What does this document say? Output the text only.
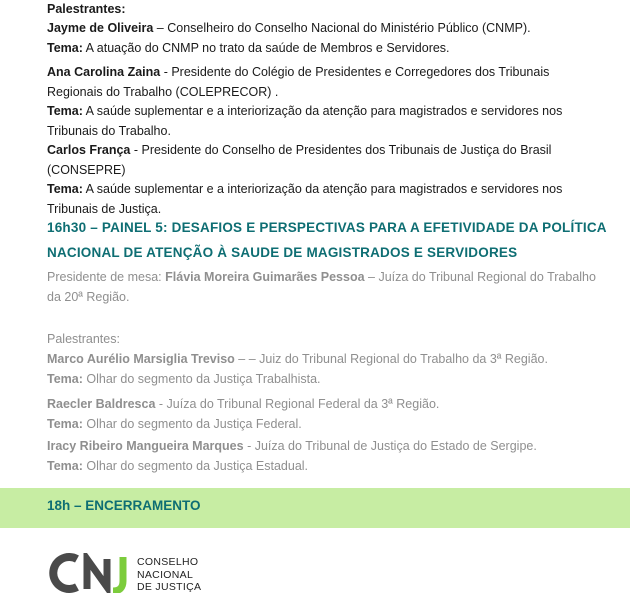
Palestrantes:
Jayme de Oliveira – Conselheiro do Conselho Nacional do Ministério Público (CNMP).
Tema: A atuação do CNMP no trato da saúde de Membros e Servidores.
Ana Carolina Zaina - Presidente do Colégio de Presidentes e Corregedores dos Tribunais Regionais do Trabalho (COLEPRECOR) .
Tema: A saúde suplementar e a interiorização da atenção para magistrados e servidores nos Tribunais do Trabalho.
Carlos França - Presidente do Conselho de Presidentes dos Tribunais de Justiça do Brasil (CONSEPRE)
Tema: A saúde suplementar e a interiorização da atenção para magistrados e servidores nos Tribunais de Justiça.
16h30 – PAINEL 5: DESAFIOS E PERSPECTIVAS PARA A EFETIVIDADE DA POLÍTICA
NACIONAL DE ATENÇÃO À SAUDE DE MAGISTRADOS E SERVIDORES
Presidente de mesa: Flávia Moreira Guimarães Pessoa – Juíza do Tribunal Regional do Trabalho da 20ª Região.
Palestrantes:
Marco Aurélio Marsiglia Treviso – – Juiz do Tribunal Regional do Trabalho da 3ª Região.
Tema: Olhar do segmento da Justiça Trabalhista.
Raecler Baldresca - Juíza do Tribunal Regional Federal da 3ª Região.
Tema: Olhar do segmento da Justiça Federal.
Iracy Ribeiro Mangueira Marques - Juíza do Tribunal de Justiça do Estado de Sergipe.
Tema: Olhar do segmento da Justiça Estadual.
18h – ENCERRAMENTO
CONSELHO
NACIONAL
DE JUSTIÇA
